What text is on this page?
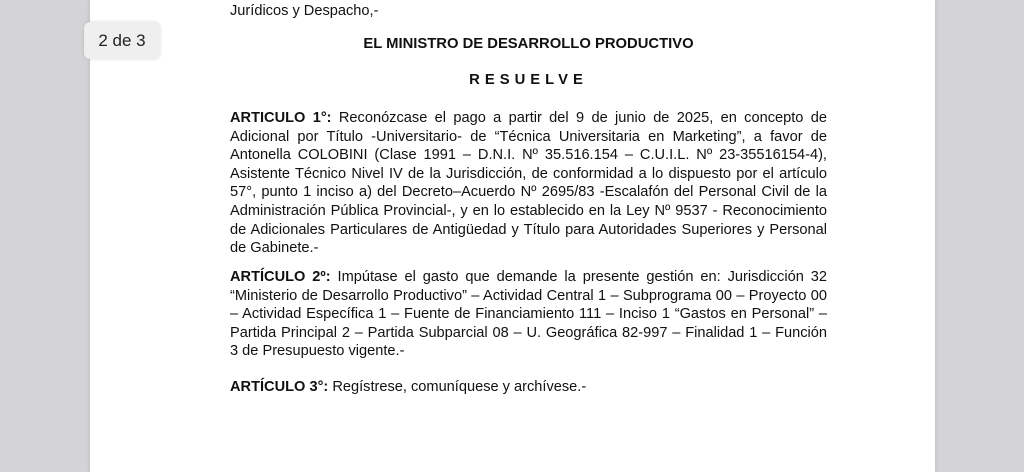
2 de 3
Jurídicos y Despacho,-
EL MINISTRO DE DESARROLLO PRODUCTIVO
RESUELVE
ARTICULO 1°: Reconózcase el pago a partir del 9 de junio de 2025, en concepto de Adicional por Título -Universitario- de “Técnica Universitaria en Marketing”, a favor de Antonella COLOBINI (Clase 1991 – D.N.I. Nº 35.516.154 – C.U.I.L. Nº 23-35516154-4), Asistente Técnico Nivel IV de la Jurisdicción, de conformidad a lo dispuesto por el artículo 57°, punto 1 inciso a) del Decreto–Acuerdo Nº 2695/83 -Escalafón del Personal Civil de la Administración Pública Provincial-, y en lo establecido en la Ley Nº 9537 - Reconocimiento de Adicionales Particulares de Antigüedad y Título para Autoridades Superiores y Personal de Gabinete.-
ARTÍCULO 2º: Impútase el gasto que demande la presente gestión en: Jurisdicción 32 “Ministerio de Desarrollo Productivo” – Actividad Central 1 – Subprograma 00 – Proyecto 00 – Actividad Específica 1 – Fuente de Financiamiento 111 – Inciso 1 “Gastos en Personal” – Partida Principal 2 – Partida Subparcial 08 – U. Geográfica 82-997 – Finalidad 1 – Función 3 de Presupuesto vigente.-
ARTÍCULO 3°: Regístrese, comuníquese y archívese.-
